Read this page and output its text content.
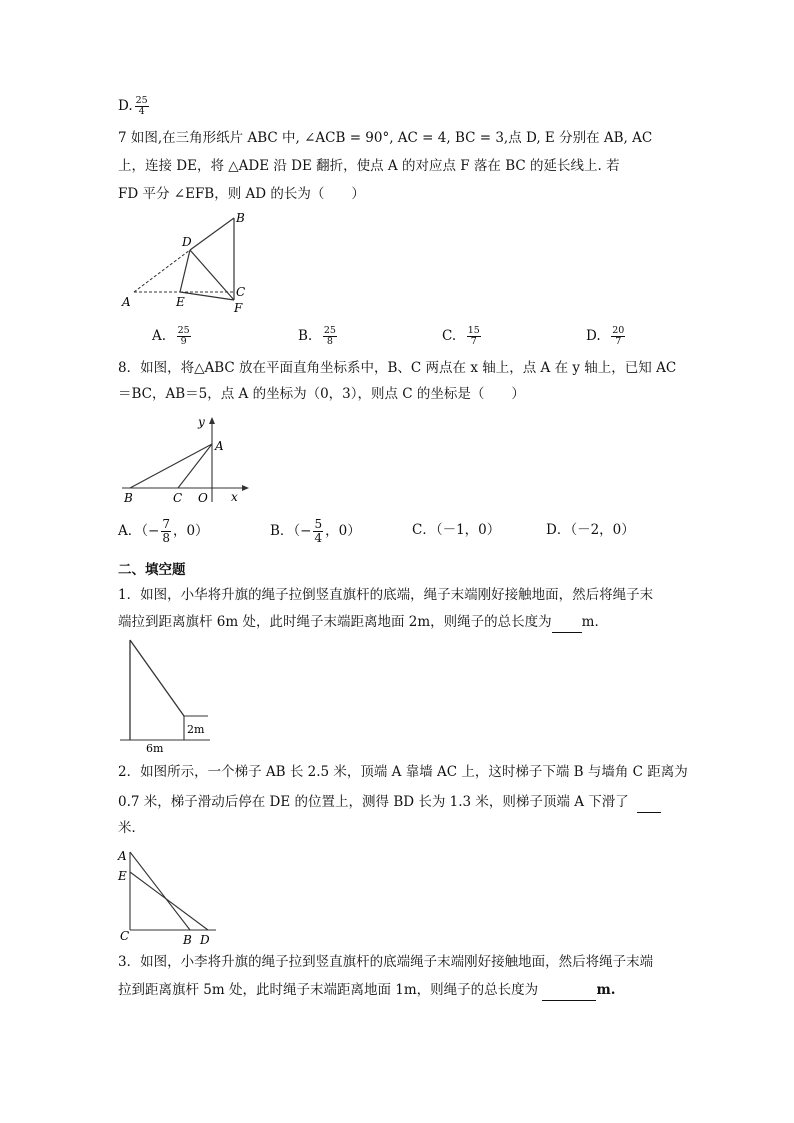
D. $\frac{25}{4}$
7 如图,在三角形纸片 ABC 中, ∠ACB = 90°, AC = 4, BC = 3,点 D, E 分别在 AB, AC
上，连接 DE，将 △ADE 沿 DE 翻折，使点 A 的对应点 F 落在 BC 的延长线上. 若
FD 平分 ∠EFB，则 AD 的长为（　　）
A
B
D
E
C
F
A. $\frac{25}{9}$	B. $\frac{25}{8}$	C. $\frac{15}{7}$	D. $\frac{20}{7}$
8．如图，将△ABC 放在平面直角坐标系中，B、C 两点在 x 轴上，点 A 在 y 轴上，已知 AC
＝BC，AB＝5，点 A 的坐标为（0，3），则点 C 的坐标是（　　）
y
A
B	C O x
A．（− $\frac{7}{8}$ ，0）	B．（− $\frac{5}{4}$ ，0）	C．（－1，0）	D．（－2，0）
二、填空题
1．如图，小华将升旗的绳子拉倒竖直旗杆的底端，绳子末端刚好接触地面，然后将绳子末
端拉到距离旗杆 6m 处，此时绳子末端距离地面 2m，则绳子的总长度为 m．
2m
6m
2．如图所示，一个梯子 AB 长 2.5 米，顶端 A 靠墙 AC 上，这时梯子下端 B 与墙角 C 距离为
0.7 米，梯子滑动后停在 DE 的位置上，测得 BD 长为 1.3 米，则梯子顶端 A 下滑了
米．
A
E
C	B D
3．如图，小李将升旗的绳子拉到竖直旗杆的底端绳子末端刚好接触地面，然后将绳子末端
拉到距离旗杆 5m 处，此时绳子末端距离地面 1m，则绳子的总长度为	m.
